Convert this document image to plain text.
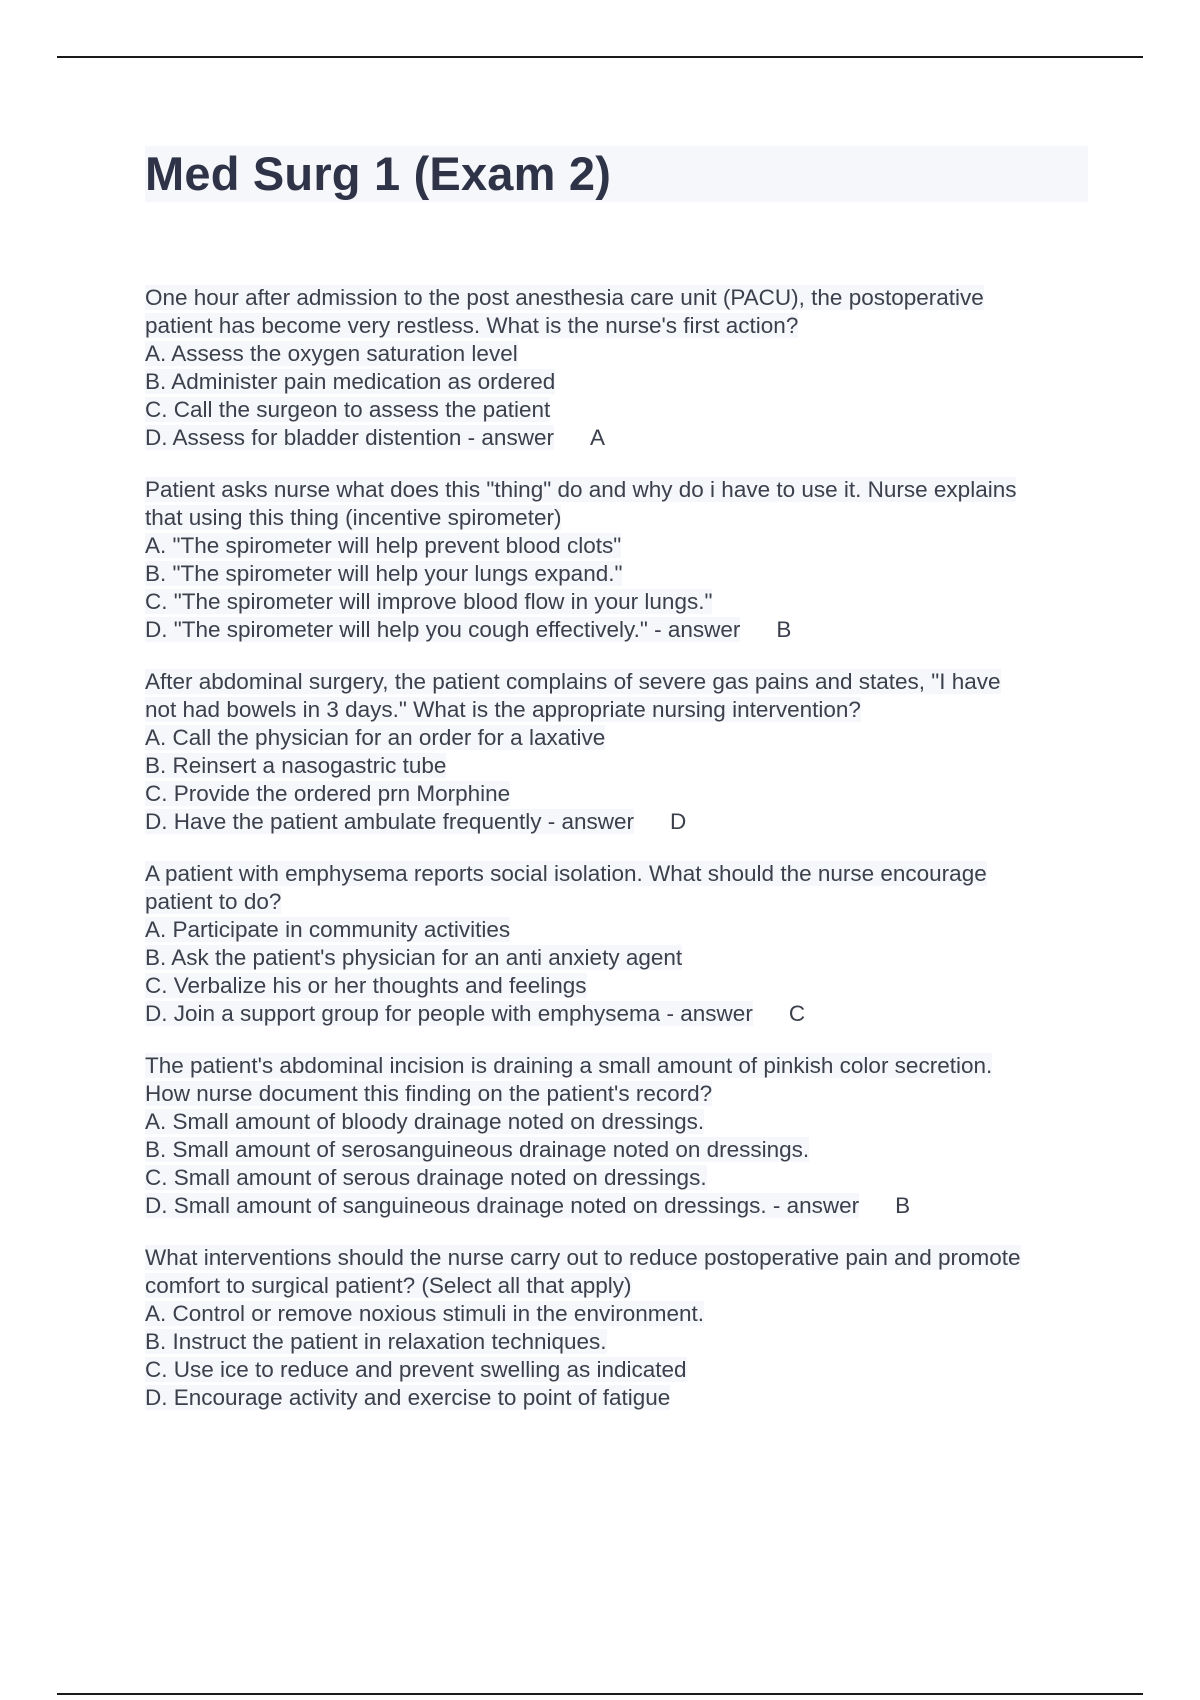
Med Surg 1 (Exam 2)
One hour after admission to the post anesthesia care unit (PACU), the postoperative
patient has become very restless. What is the nurse's first action?
A. Assess the oxygen saturation level
B. Administer pain medication as ordered
C. Call the surgeon to assess the patient
D. Assess for bladder distention - answer A
Patient asks nurse what does this "thing" do and why do i have to use it. Nurse explains
that using this thing (incentive spirometer)
A. "The spirometer will help prevent blood clots"
B. "The spirometer will help your lungs expand."
C. "The spirometer will improve blood flow in your lungs."
D. "The spirometer will help you cough effectively." - answer B
After abdominal surgery, the patient complains of severe gas pains and states, "I have
not had bowels in 3 days." What is the appropriate nursing intervention?
A. Call the physician for an order for a laxative
B. Reinsert a nasogastric tube
C. Provide the ordered prn Morphine
D. Have the patient ambulate frequently - answer D
A patient with emphysema reports social isolation. What should the nurse encourage
patient to do?
A. Participate in community activities
B. Ask the patient's physician for an anti anxiety agent
C. Verbalize his or her thoughts and feelings
D. Join a support group for people with emphysema - answer C
The patient's abdominal incision is draining a small amount of pinkish color secretion.
How nurse document this finding on the patient's record?
A. Small amount of bloody drainage noted on dressings.
B. Small amount of serosanguineous drainage noted on dressings.
C. Small amount of serous drainage noted on dressings.
D. Small amount of sanguineous drainage noted on dressings. - answer B
What interventions should the nurse carry out to reduce postoperative pain and promote
comfort to surgical patient? (Select all that apply)
A. Control or remove noxious stimuli in the environment.
B. Instruct the patient in relaxation techniques.
C. Use ice to reduce and prevent swelling as indicated
D. Encourage activity and exercise to point of fatigue
